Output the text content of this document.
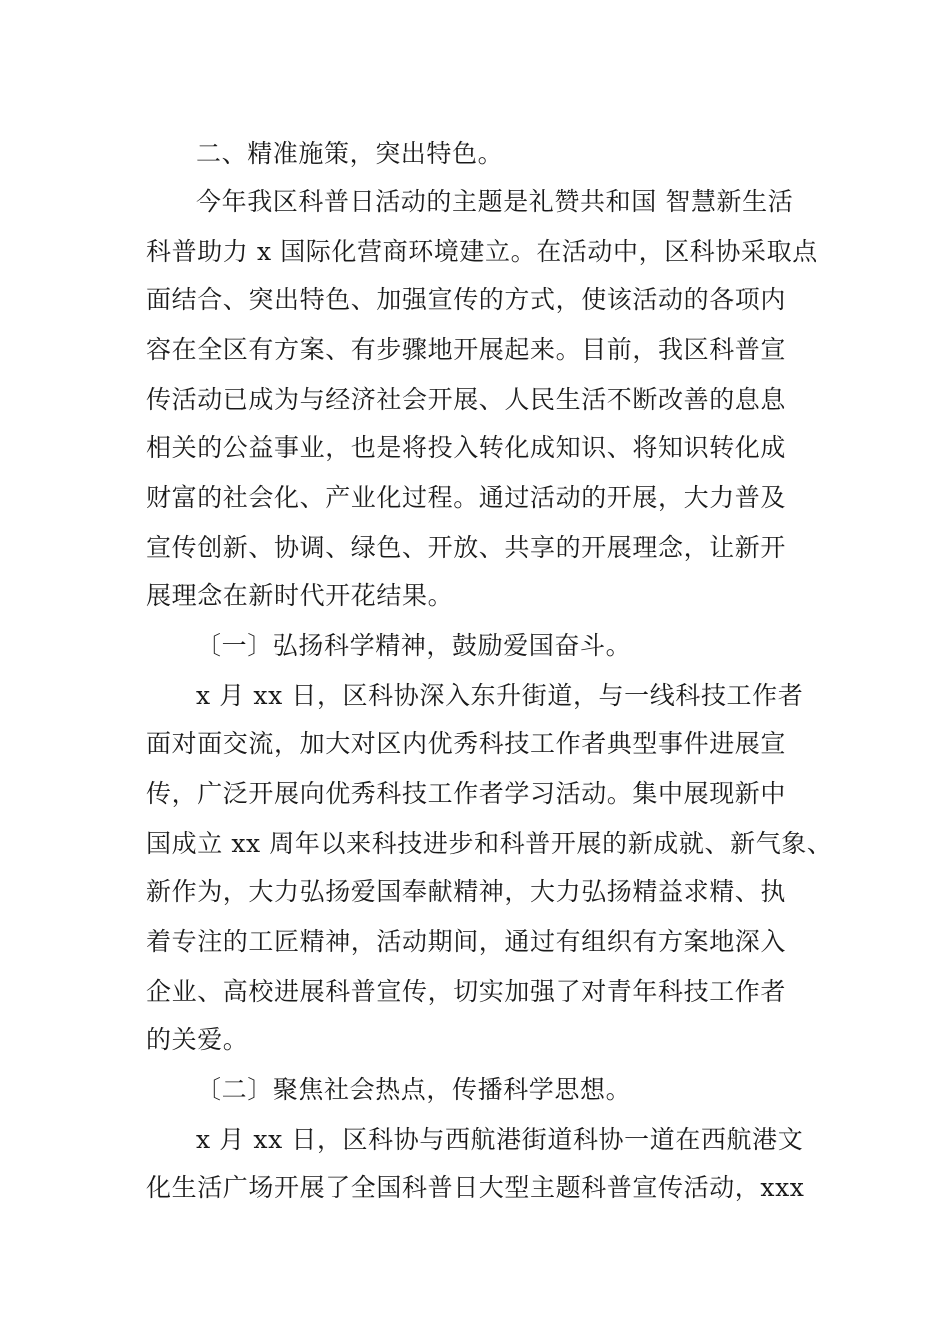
二、精准施策，突出特色。
今年我区科普日活动的主题是礼赞共和国 智慧新生活
科普助力 x 国际化营商环境建立。在活动中，区科协采取点
面结合、突出特色、加强宣传的方式，使该活动的各项内
容在全区有方案、有步骤地开展起来。目前，我区科普宣
传活动已成为与经济社会开展、人民生活不断改善的息息
相关的公益事业，也是将投入转化成知识、将知识转化成
财富的社会化、产业化过程。通过活动的开展，大力普及
宣传创新、协调、绿色、开放、共享的开展理念，让新开
展理念在新时代开花结果。
〔一〕弘扬科学精神，鼓励爱国奋斗。
x 月 xx 日，区科协深入东升街道，与一线科技工作者
面对面交流，加大对区内优秀科技工作者典型事件进展宣
传，广泛开展向优秀科技工作者学习活动。集中展现新中
国成立 xx 周年以来科技进步和科普开展的新成就、新气象、
新作为，大力弘扬爱国奉献精神，大力弘扬精益求精、执
着专注的工匠精神，活动期间，通过有组织有方案地深入
企业、高校进展科普宣传，切实加强了对青年科技工作者
的关爱。
〔二〕聚焦社会热点，传播科学思想。
x 月 xx 日，区科协与西航港街道科协一道在西航港文
化生活广场开展了全国科普日大型主题科普宣传活动，xxx
